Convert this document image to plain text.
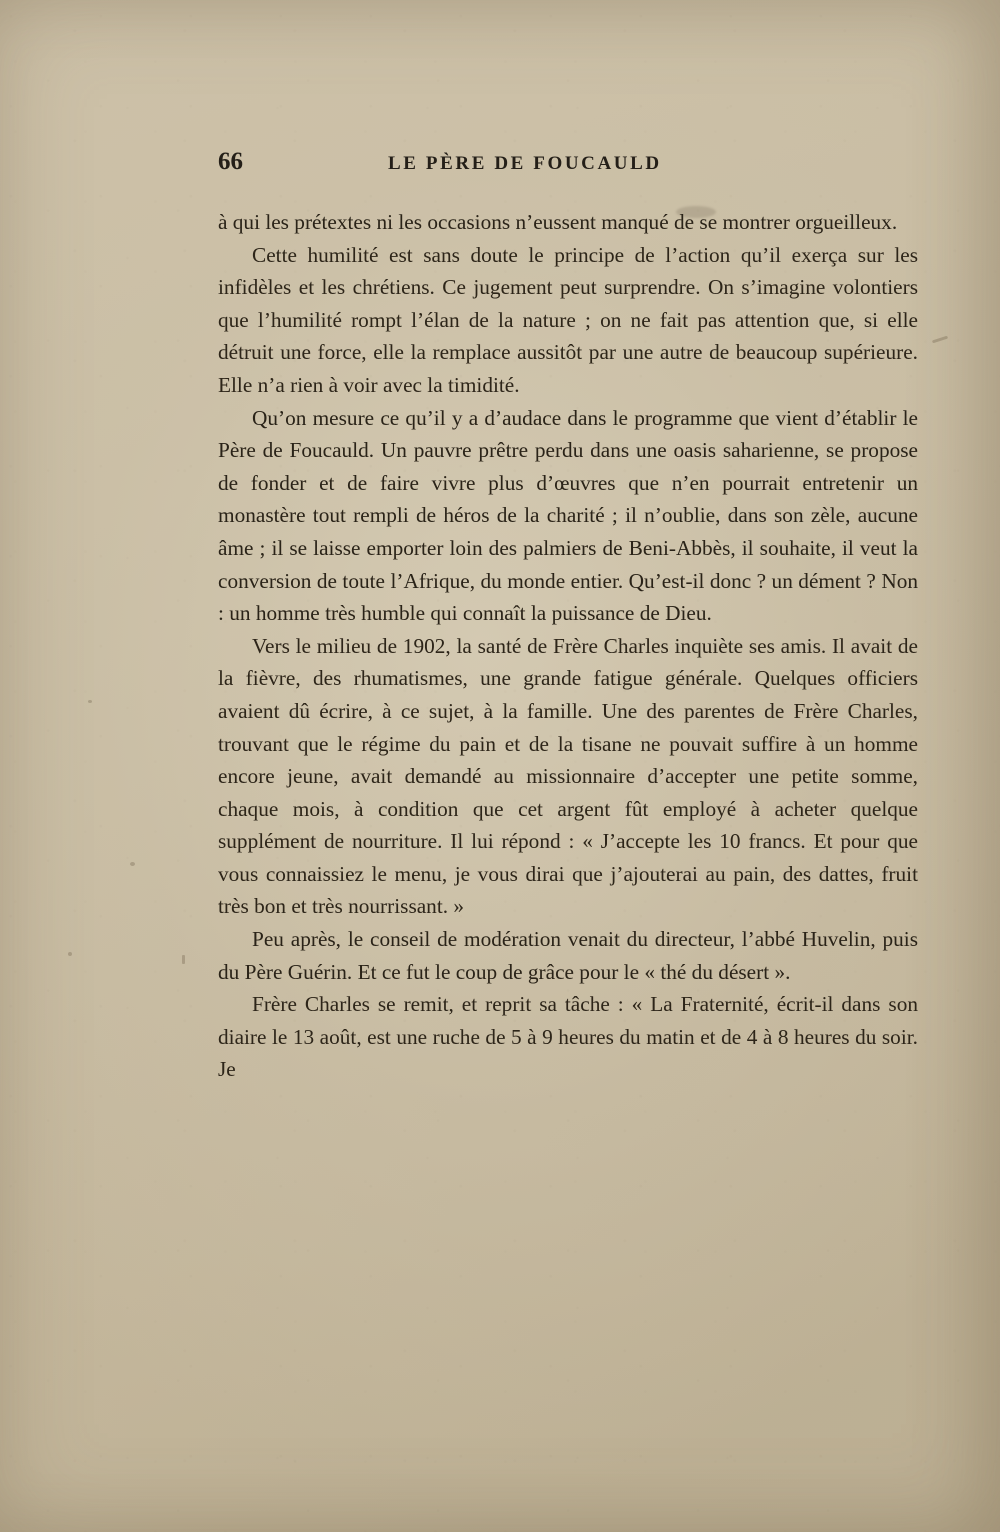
66	LE PÈRE DE FOUCAULD

à qui les prétextes ni les occasions n’eussent manqué de se montrer orgueilleux.

Cette humilité est sans doute le principe de l’action qu’il exerça sur les infidèles et les chrétiens. Ce jugement peut surprendre. On s’imagine volontiers que l’humilité rompt l’élan de la nature ; on ne fait pas attention que, si elle détruit une force, elle la remplace aussitôt par une autre de beaucoup supérieure. Elle n’a rien à voir avec la timidité.

Qu’on mesure ce qu’il y a d’audace dans le programme que vient d’établir le Père de Foucauld. Un pauvre prêtre perdu dans une oasis saharienne, se propose de fonder et de faire vivre plus d’œuvres que n’en pourrait entretenir un monastère tout rempli de héros de la charité ; il n’oublie, dans son zèle, aucune âme ; il se laisse emporter loin des palmiers de Beni-Abbès, il souhaite, il veut la conversion de toute l’Afrique, du monde entier. Qu’est-il donc ? un dément ? Non : un homme très humble qui connaît la puissance de Dieu.

Vers le milieu de 1902, la santé de Frère Charles inquiète ses amis. Il avait de la fièvre, des rhumatismes, une grande fatigue générale. Quelques officiers avaient dû écrire, à ce sujet, à la famille. Une des parentes de Frère Charles, trouvant que le régime du pain et de la tisane ne pouvait suffire à un homme encore jeune, avait demandé au missionnaire d’accepter une petite somme, chaque mois, à condition que cet argent fût employé à acheter quelque supplément de nourriture. Il lui répond : « J’accepte les 10 francs. Et pour que vous connaissiez le menu, je vous dirai que j’ajouterai au pain, des dattes, fruit très bon et très nourrissant. »

Peu après, le conseil de modération venait du directeur, l’abbé Huvelin, puis du Père Guérin. Et ce fut le coup de grâce pour le « thé du désert ».

Frère Charles se remit, et reprit sa tâche : « La Fraternité, écrit-il dans son diaire le 13 août, est une ruche de 5 à 9 heures du matin et de 4 à 8 heures du soir. Je
